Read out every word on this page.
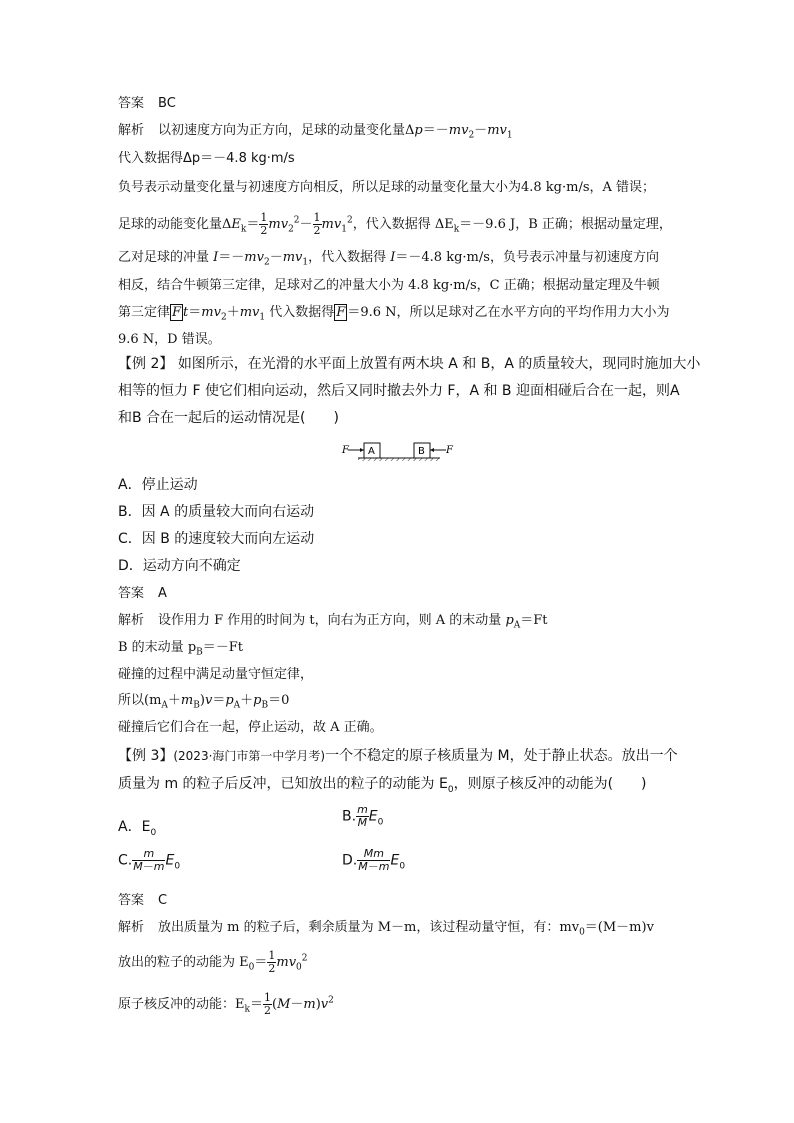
答案 BC
解析 以初速度方向为正方向，足球的动量变化量$\Delta p=-mv_2-mv_1$
代入数据得Δp＝－4.8 kg·m/s
负号表示动量变化量与初速度方向相反，所以足球的动量变化量大小为4.8 kg·m/s，A 错误；
足球的动能变化量$\Delta E_k= \frac{1}{2} mv_2^2- \frac{1}{2} mv_1^2$，代入数据得 $\Delta E_k=-9.6$ J，B 正确；根据动量定理，
乙对足球的冲量 $I=-mv_2-mv_1$，代入数据得 I＝－4.8 kg·m/s，负号表示冲量与初速度方向
相反，结合牛顿第三定律，足球对乙的冲量大小为 4.8 kg·m/s，C 正确；根据动量定理及牛顿
第三定律 F $t=mv_2+mv_1$ 代入数据得 F ＝9.6 N，所以足球对乙在水平方向的平均作用力大小为
9.6 N，D 错误。
【例 2】 如图所示，在光滑的水平面上放置有两木块 A 和 B，A 的质量较大，现同时施加大小
相等的恒力 F 使它们相向运动，然后又同时撤去外力 F，A 和 B 迎面相碰后合在一起，则A
和B 合在一起后的运动情况是(　　)
F A	B F
A．停止运动
B．因 A 的质量较大而向右运动
C．因 B 的速度较大而向左运动
D．运动方向不确定
答案 A
解析 设作用力 F 作用的时间为 t，向右为正方向，则 A 的末动量 $p_A=Ft$
B 的末动量 $p_B=-Ft$
碰撞的过程中满足动量守恒定律，
所以$(m_A+m_B)v=p_A+p_B=0$
碰撞后它们合在一起，停止运动，故 A 正确。
【例 3】(2023·海门市第一中学月考)一个不稳定的原子核质量为 M，处于静止状态。放出一个
质量为 m 的粒子后反冲，已知放出的粒子的动能为 $E_0$，则原子核反冲的动能为(　　)
A．$E_0$
B. $\frac{m}{M} E_0$
C. $\frac{m}{M-m} E_0$	D. $\frac{Mm}{M-m} E_0$
答案 C
解析 放出质量为 m 的粒子后，剩余质量为 M－m，该过程动量守恒，有：$mv_0=(M-m)v$
放出的粒子的动能为 $E_0= \frac{1}{2} mv_0^2$
原子核反冲的动能：$E_k= \frac{1}{2} (M-m)v^2$
